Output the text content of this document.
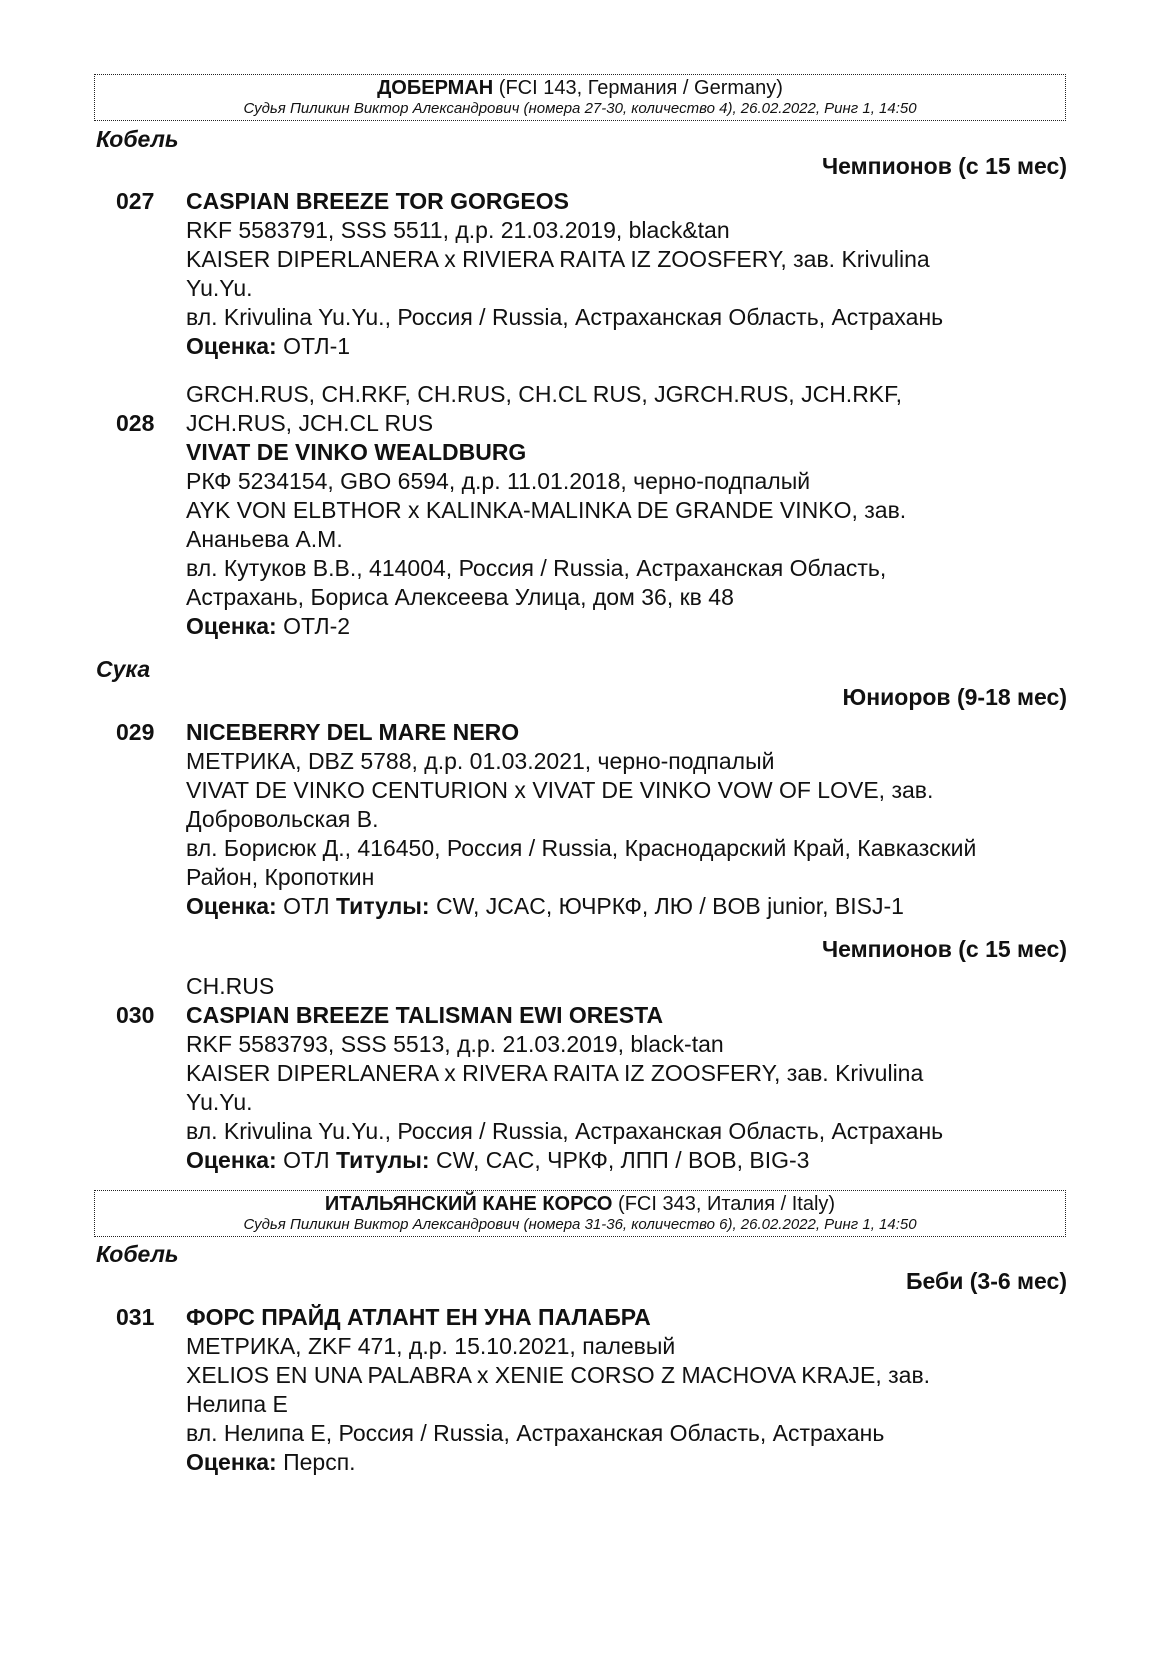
ДОБЕРМАН (FCI 143, Германия / Germany)
Судья Пиликин Виктор Александрович (номера 27-30, количество 4), 26.02.2022, Ринг 1, 14:50
Кобель
Чемпионов (с 15 мес)
027 CASPIAN BREEZE TOR GORGEOS
RKF 5583791, SSS 5511, д.р. 21.03.2019, black&tan
KAISER DIPERLANERA x RIVIERA RAITA IZ ZOOSFERY, зав. Krivulina
Yu.Yu.
вл. Krivulina Yu.Yu., Россия / Russia, Астраханская Область, Астрахань
Оценка: ОТЛ-1
028
GRCH.RUS, CH.RKF, CH.RUS, CH.CL RUS, JGRCH.RUS, JCH.RKF,
JCH.RUS, JCH.CL RUS
VIVAT DE VINKO WEALDBURG
РКФ 5234154, GBO 6594, д.р. 11.01.2018, черно-подпалый
AYK VON ELBTHOR x KALINKA-MALINKA DE GRANDE VINKO, зав.
Ананьева А.М.
вл. Кутуков В.В., 414004, Россия / Russia, Астраханская Область,
Астрахань, Бориса Алексеева Улица, дом 36, кв 48
Оценка: ОТЛ-2
Сука
Юниоров (9-18 мес)
029 NICEBERRY DEL MARE NERO
МЕТРИКА, DBZ 5788, д.р. 01.03.2021, черно-подпалый
VIVAT DE VINKO CENTURION x VIVAT DE VINKO VOW OF LOVE, зав.
Добровольская В.
вл. Борисюк Д., 416450, Россия / Russia, Краснодарский Край, Кавказский
Район, Кропоткин
Оценка: ОТЛ Титулы: CW, JCAC, ЮЧРКФ, ЛЮ / BOB junior, BISJ-1
Чемпионов (с 15 мес)
030
CH.RUS
CASPIAN BREEZE TALISMAN EWI ORESTA
RKF 5583793, SSS 5513, д.р. 21.03.2019, black-tan
KAISER DIPERLANERA x RIVERA RAITA IZ ZOOSFERY, зав. Krivulina
Yu.Yu.
вл. Krivulina Yu.Yu., Россия / Russia, Астраханская Область, Астрахань
Оценка: ОТЛ Титулы: CW, CAC, ЧРКФ, ЛПП / BOB, BIG-3
ИТАЛЬЯНСКИЙ КАНЕ КОРСО (FCI 343, Италия / Italy)
Судья Пиликин Виктор Александрович (номера 31-36, количество 6), 26.02.2022, Ринг 1, 14:50
Кобель
Беби (3-6 мес)
031 ФОРС ПРАЙД АТЛАНТ ЕН УНА ПАЛАБРА
МЕТРИКА, ZKF 471, д.р. 15.10.2021, палевый
XELIOS EN UNA PALABRA x XENIE CORSO Z MACHOVA KRAJE, зав.
Нелипа Е
вл. Нелипа Е, Россия / Russia, Астраханская Область, Астрахань
Оценка: Персп.
